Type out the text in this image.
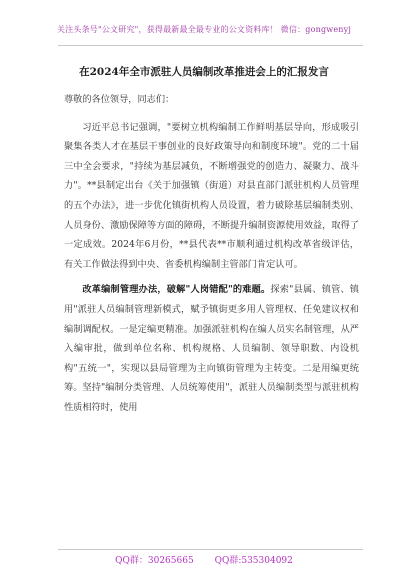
关注头条号"公文研究"，获得最新最全最专业的公文资料库！ 微信：gongwenyj
在2024年全市派驻人员编制改革推进会上的汇报发言

尊敬的各位领导，同志们：

习近平总书记强调，"要树立机构编制工作鲜明基层导向，形成吸引聚集各类人才在基层干事创业的良好政策导向和制度环境"。党的二十届三中全会要求，"持续为基层减负，不断增强党的创造力、凝聚力、战斗力"。**县制定出台《关于加强镇（街道）对县直部门派驻机构人员管理的五个办法》，进一步优化镇街机构人员设置，着力破除基层编制类别、人员身份、激励保障等方面的障碍，不断提升编制资源使用效益，取得了一定成效。2024年6月份，**县代表**市顺利通过机构改革省级评估，有关工作做法得到中央、省委机构编制主管部门肯定认可。

改革编制管理办法，破解"人岗错配"的难题。探索"县属、镇管、镇用"派驻人员编制管理新模式，赋予镇街更多用人管理权、任免建议权和编制调配权。一是定编更精准。加强派驻机构在编人员实名制管理，从严入编审批，做到单位名称、机构规格、人员编制、领导职数、内设机构"五统一"，实现以县局管理为主向镇街管理为主转变。二是用编更统筹。坚持"编制分类管理、人员统筹使用"，派驻人员编制类型与派驻机构性质相符时，使用

QQ群：30265665 QQ群:535304092
